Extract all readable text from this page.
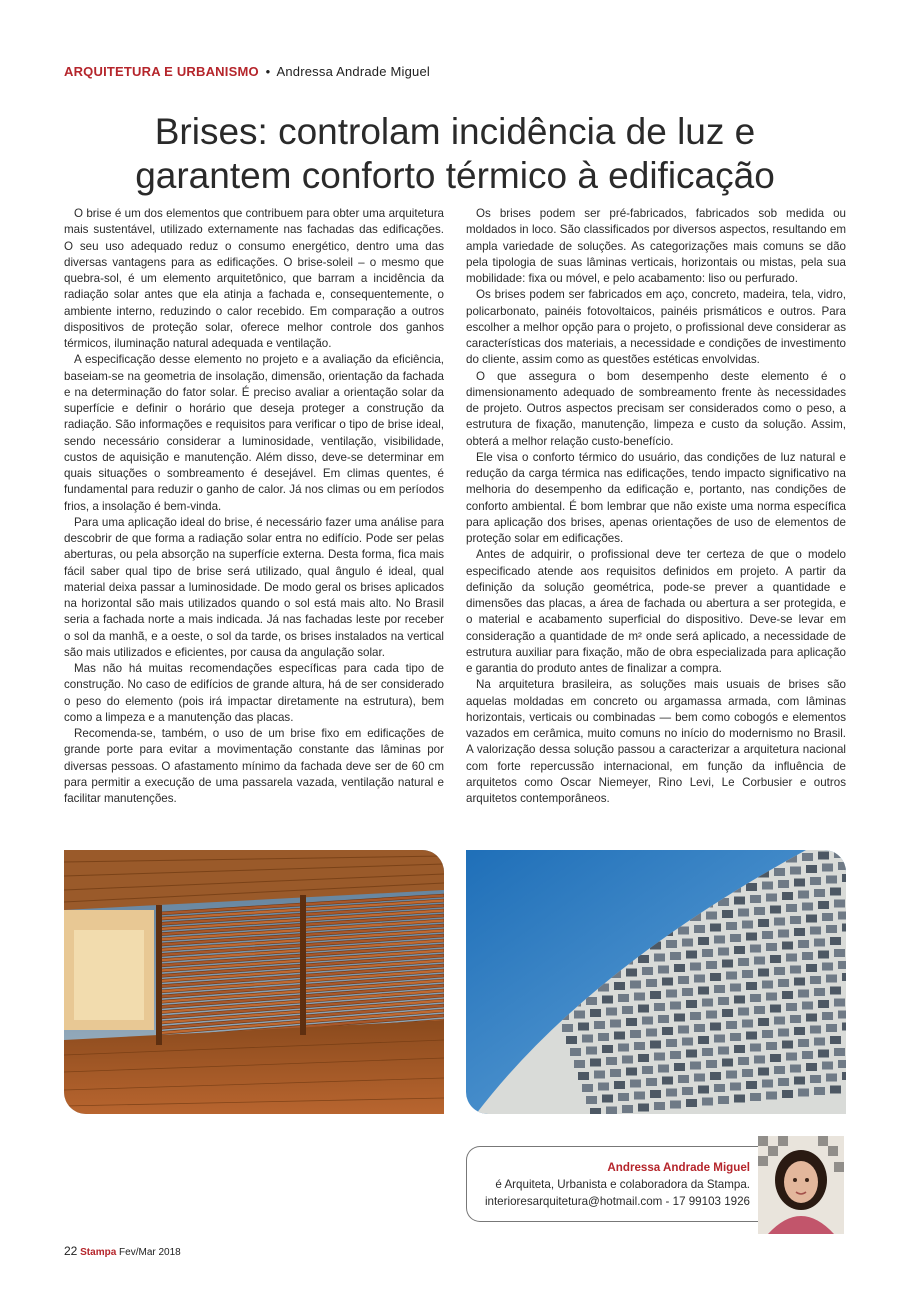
ARQUITETURA E URBANISMO • Andressa Andrade Miguel
Brises: controlam incidência de luz e
garantem conforto térmico à edificação

O brise é um dos elementos que contribuem para obter uma arquitetura mais sustentável, utilizado externamente nas fachadas das edificações. O seu uso adequado reduz o consumo energético, dentro uma das diversas vantagens para as edificações. O brise-soleil – o mesmo que quebra-sol, é um elemento arquitetônico, que barram a incidência da radiação solar antes que ela atinja a fachada e, consequentemente, o ambiente interno, reduzindo o calor recebido. Em comparação a outros dispositivos de proteção solar, oferece melhor controle dos ganhos térmicos, iluminação natural adequada e ventilação.

A especificação desse elemento no projeto e a avaliação da eficiência, baseiam-se na geometria de insolação, dimensão, orientação da fachada e na determinação do fator solar. É preciso avaliar a orientação solar da superfície e definir o horário que deseja proteger a construção da radiação. São informações e requisitos para verificar o tipo de brise ideal, sendo necessário considerar a luminosidade, ventilação, visibilidade, custos de aquisição e manutenção. Além disso, deve-se determinar em quais situações o sombreamento é desejável. Em climas quentes, é fundamental para reduzir o ganho de calor. Já nos climas ou em períodos frios, a insolação é bem-vinda.

Para uma aplicação ideal do brise, é necessário fazer uma análise para descobrir de que forma a radiação solar entra no edifício. Pode ser pelas aberturas, ou pela absorção na superfície externa. Desta forma, fica mais fácil saber qual tipo de brise será utilizado, qual ângulo é ideal, qual material deixa passar a luminosidade. De modo geral os brises aplicados na horizontal são mais utilizados quando o sol está mais alto. No Brasil seria a fachada norte a mais indicada. Já nas fachadas leste por receber o sol da manhã, e a oeste, o sol da tarde, os brises instalados na vertical são mais utilizados e eficientes, por causa da angulação solar.

Mas não há muitas recomendações específicas para cada tipo de construção. No caso de edifícios de grande altura, há de ser considerado o peso do elemento (pois irá impactar diretamente na estrutura), bem como a limpeza e a manutenção das placas.

Recomenda-se, também, o uso de um brise fixo em edificações de grande porte para evitar a movimentação constante das lâminas por diversas pessoas. O afastamento mínimo da fachada deve ser de 60 cm para permitir a execução de uma passarela vazada, ventilação natural e facilitar manutenções.

Os brises podem ser pré-fabricados, fabricados sob medida ou moldados in loco. São classificados por diversos aspectos, resultando em ampla variedade de soluções. As categorizações mais comuns se dão pela tipologia de suas lâminas verticais, horizontais ou mistas, pela sua mobilidade: fixa ou móvel, e pelo acabamento: liso ou perfurado.

Os brises podem ser fabricados em aço, concreto, madeira, tela, vidro, policarbonato, painéis fotovoltaicos, painéis prismáticos e outros. Para escolher a melhor opção para o projeto, o profissional deve considerar as características dos materiais, a necessidade e condições de investimento do cliente, assim como as questões estéticas envolvidas.

O que assegura o bom desempenho deste elemento é o dimensionamento adequado de sombreamento frente às necessidades de projeto. Outros aspectos precisam ser considerados como o peso, a estrutura de fixação, manutenção, limpeza e custo da solução. Assim, obterá a melhor relação custo-benefício.

Ele visa o conforto térmico do usuário, das condições de luz natural e redução da carga térmica nas edificações, tendo impacto significativo na melhoria do desempenho da edificação e, portanto, nas condições de conforto ambiental. É bom lembrar que não existe uma norma específica para aplicação dos brises, apenas orientações de uso de elementos de proteção solar em edificações.

Antes de adquirir, o profissional deve ter certeza de que o modelo especificado atende aos requisitos definidos em projeto. A partir da definição da solução geométrica, pode-se prever a quantidade e dimensões das placas, a área de fachada ou abertura a ser protegida, e o material e acabamento superficial do dispositivo. Deve-se levar em consideração a quantidade de m² onde será aplicado, a necessidade de estrutura auxiliar para fixação, mão de obra especializada para aplicação e garantia do produto antes de finalizar a compra.

Na arquitetura brasileira, as soluções mais usuais de brises são aquelas moldadas em concreto ou argamassa armada, com lâminas horizontais, verticais ou combinadas — bem como cobogós e elementos vazados em cerâmica, muito comuns no início do modernismo no Brasil. A valorização dessa solução passou a caracterizar a arquitetura nacional com forte repercussão internacional, em função da influência de arquitetos como Oscar Niemeyer, Rino Levi, Le Corbusier e outros arquitetos contemporâneos.

Andressa Andrade Miguel
é Arquiteta, Urbanista e colaboradora da Stampa.
interioresarquitetura@hotmail.com - 17 99103 1926
22 Stampa Fev/Mar 2018
